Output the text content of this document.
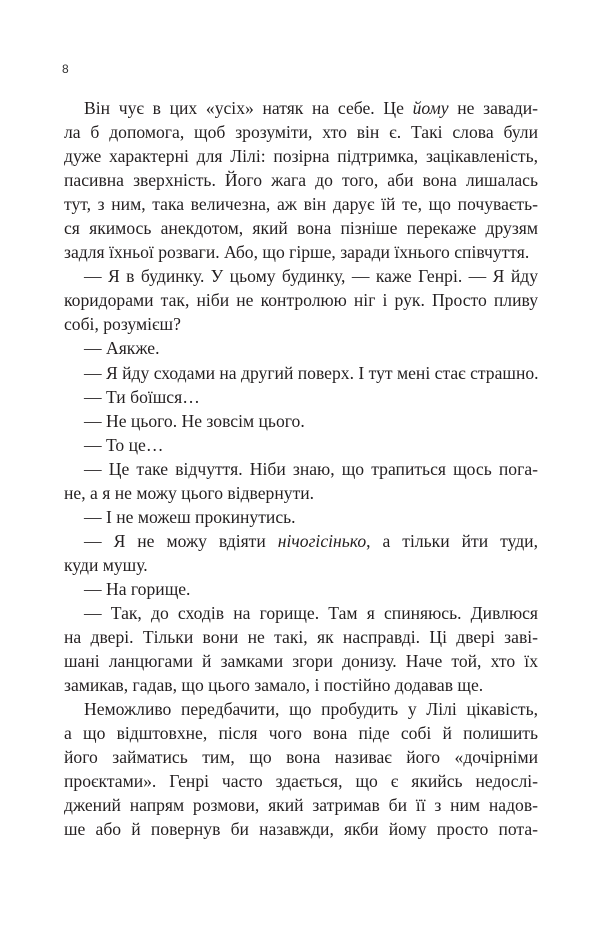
8
Він чує в цих «усіх» натяк на себе. Це йому не завади-
ла б допомога, щоб зрозуміти, хто він є. Такі слова були
дуже характерні для Лілі: позірна підтримка, зацікавленість,
пасивна зверхність. Його жага до того, аби вона лишалась
тут, з ним, така величезна, аж він дарує їй те, що почуваєть-
ся якимось анекдотом, який вона пізніше перекаже друзям
задля їхньої розваги. Або, що гірше, заради їхнього співчуття.
— Я в будинку. У цьому будинку, — каже Генрі. — Я йду
коридорами так, ніби не контролюю ніг і рук. Просто пливу
собі, розумієш?
— Аякже.
— Я йду сходами на другий поверх. І тут мені стає страшно.
— Ти боїшся…
— Не цього. Не зовсім цього.
— То це…
— Це таке відчуття. Ніби знаю, що трапиться щось пога-
не, а я не можу цього відвернути.
— І не можеш прокинутись.
— Я не можу вдіяти нічогісінько, а тільки йти туди,
куди мушу.
— На горище.
— Так, до сходів на горище. Там я спиняюсь. Дивлюся
на двері. Тільки вони не такі, як насправді. Ці двері заві-
шані ланцюгами й замками згори донизу. Наче той, хто їх
замикав, гадав, що цього замало, і постійно додавав ще.
Неможливо передбачити, що пробудить у Лілі цікавість,
а що відштовхне, після чого вона піде собі й полишить
його займатись тим, що вона називає його «дочірніми
проєктами». Генрі часто здається, що є якийсь недослі-
джений напрям розмови, який затримав би її з ним надов-
ше або й повернув би назавжди, якби йому просто пота-
